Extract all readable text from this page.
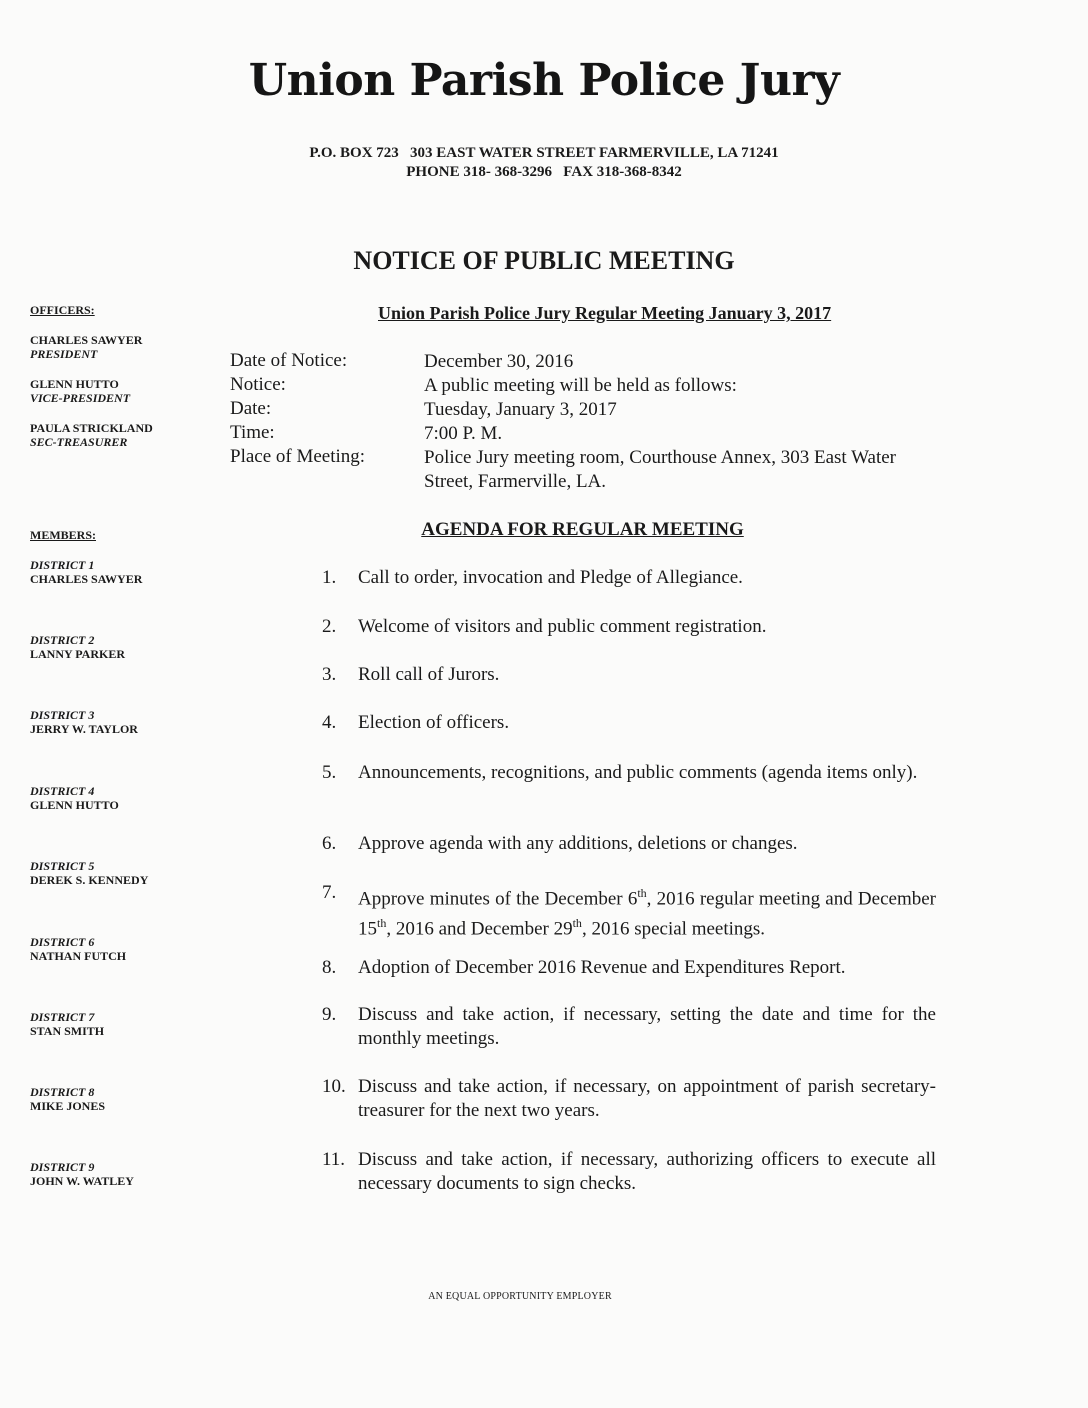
Union Parish Police Jury
P.O. BOX 723   303 EAST WATER STREET FARMERVILLE, LA 71241
PHONE 318- 368-3296   FAX 318-368-8342
NOTICE OF PUBLIC MEETING
Union Parish Police Jury Regular Meeting January 3, 2017
OFFICERS:
CHARLES SAWYER
PRESIDENT
GLENN HUTTO
VICE-PRESIDENT
PAULA STRICKLAND
SEC-TREASURER
MEMBERS:
DISTRICT 1
CHARLES SAWYER
DISTRICT 2
LANNY PARKER
DISTRICT 3
JERRY W. TAYLOR
DISTRICT 4
GLENN HUTTO
DISTRICT 5
DEREK S. KENNEDY
DISTRICT 6
NATHAN FUTCH
DISTRICT 7
STAN SMITH
DISTRICT 8
MIKE JONES
DISTRICT 9
JOHN W. WATLEY
Date of Notice:	December 30, 2016
Notice:	A public meeting will be held as follows:
Date:	Tuesday, January 3, 2017
Time:	7:00 P. M.
Place of Meeting:	Police Jury meeting room, Courthouse Annex, 303 East Water  Street, Farmerville, LA.
AGENDA FOR REGULAR MEETING
1.	Call to order, invocation and Pledge of Allegiance.
2.	Welcome of visitors and public comment registration.
3.	Roll call of Jurors.
4.	Election of officers.
5.	Announcements, recognitions, and public comments (agenda items only).
6.	Approve agenda with any additions, deletions or changes.
7.	Approve minutes of the December 6th, 2016 regular meeting and December 15th, 2016 and December 29th, 2016 special meetings.
8.	Adoption of December 2016 Revenue and Expenditures Report.
9.	Discuss and take action, if necessary, setting the date and time for the monthly meetings.
10. Discuss and take action, if necessary, on appointment of parish secretary-treasurer for the next two years.
11. Discuss and take action, if necessary, authorizing officers to execute all necessary documents to sign checks.
AN EQUAL OPPORTUNITY EMPLOYER
